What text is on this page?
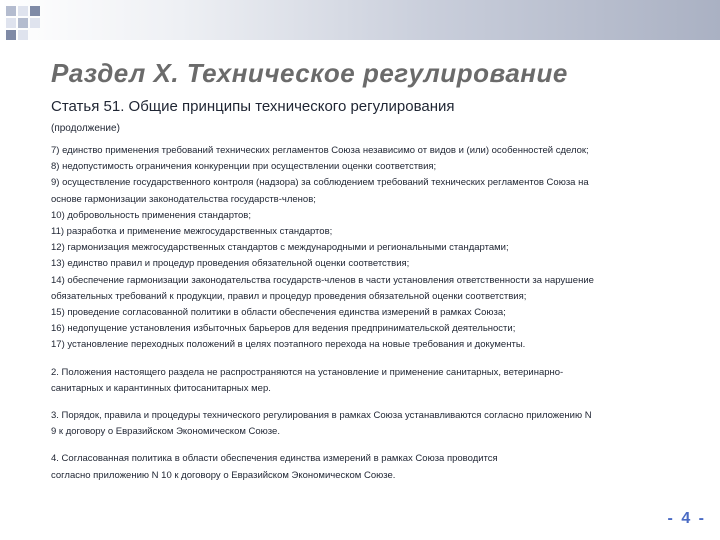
Раздел X. Техническое регулирование

Статья 51. Общие принципы технического регулирования

(продолжение)

7) единство применения требований технических регламентов Союза независимо от видов и (или) особенностей сделок;
8) недопустимость ограничения конкуренции при осуществлении оценки соответствия;
9) осуществление государственного контроля (надзора) за соблюдением требований технических регламентов Союза на
основе гармонизации законодательства государств-членов;
10) добровольность применения стандартов;
11) разработка и применение межгосударственных стандартов;
12) гармонизация межгосударственных стандартов с международными и региональными стандартами;
13) единство правил и процедур проведения обязательной оценки соответствия;
14) обеспечение гармонизации законодательства государств-членов в части установления ответственности за нарушение
обязательных требований к продукции, правил и процедур проведения обязательной оценки соответствия;
15) проведение согласованной политики в области обеспечения единства измерений в рамках Союза;
16) недопущение установления избыточных барьеров для ведения предпринимательской деятельности;
17) установление переходных положений в целях поэтапного перехода на новые требования и документы.
2. Положения настоящего раздела не распространяются на установление и применение санитарных, ветеринарно-
санитарных и карантинных фитосанитарных мер.
3. Порядок, правила и процедуры технического регулирования в рамках Союза устанавливаются согласно приложению N
9 к договору о Евразийском Экономическом Союзе.
4. Согласованная политика в области обеспечения единства измерений в рамках Союза проводится
согласно приложению N 10 к договору о Евразийском Экономическом Союзе.
- 4 -
